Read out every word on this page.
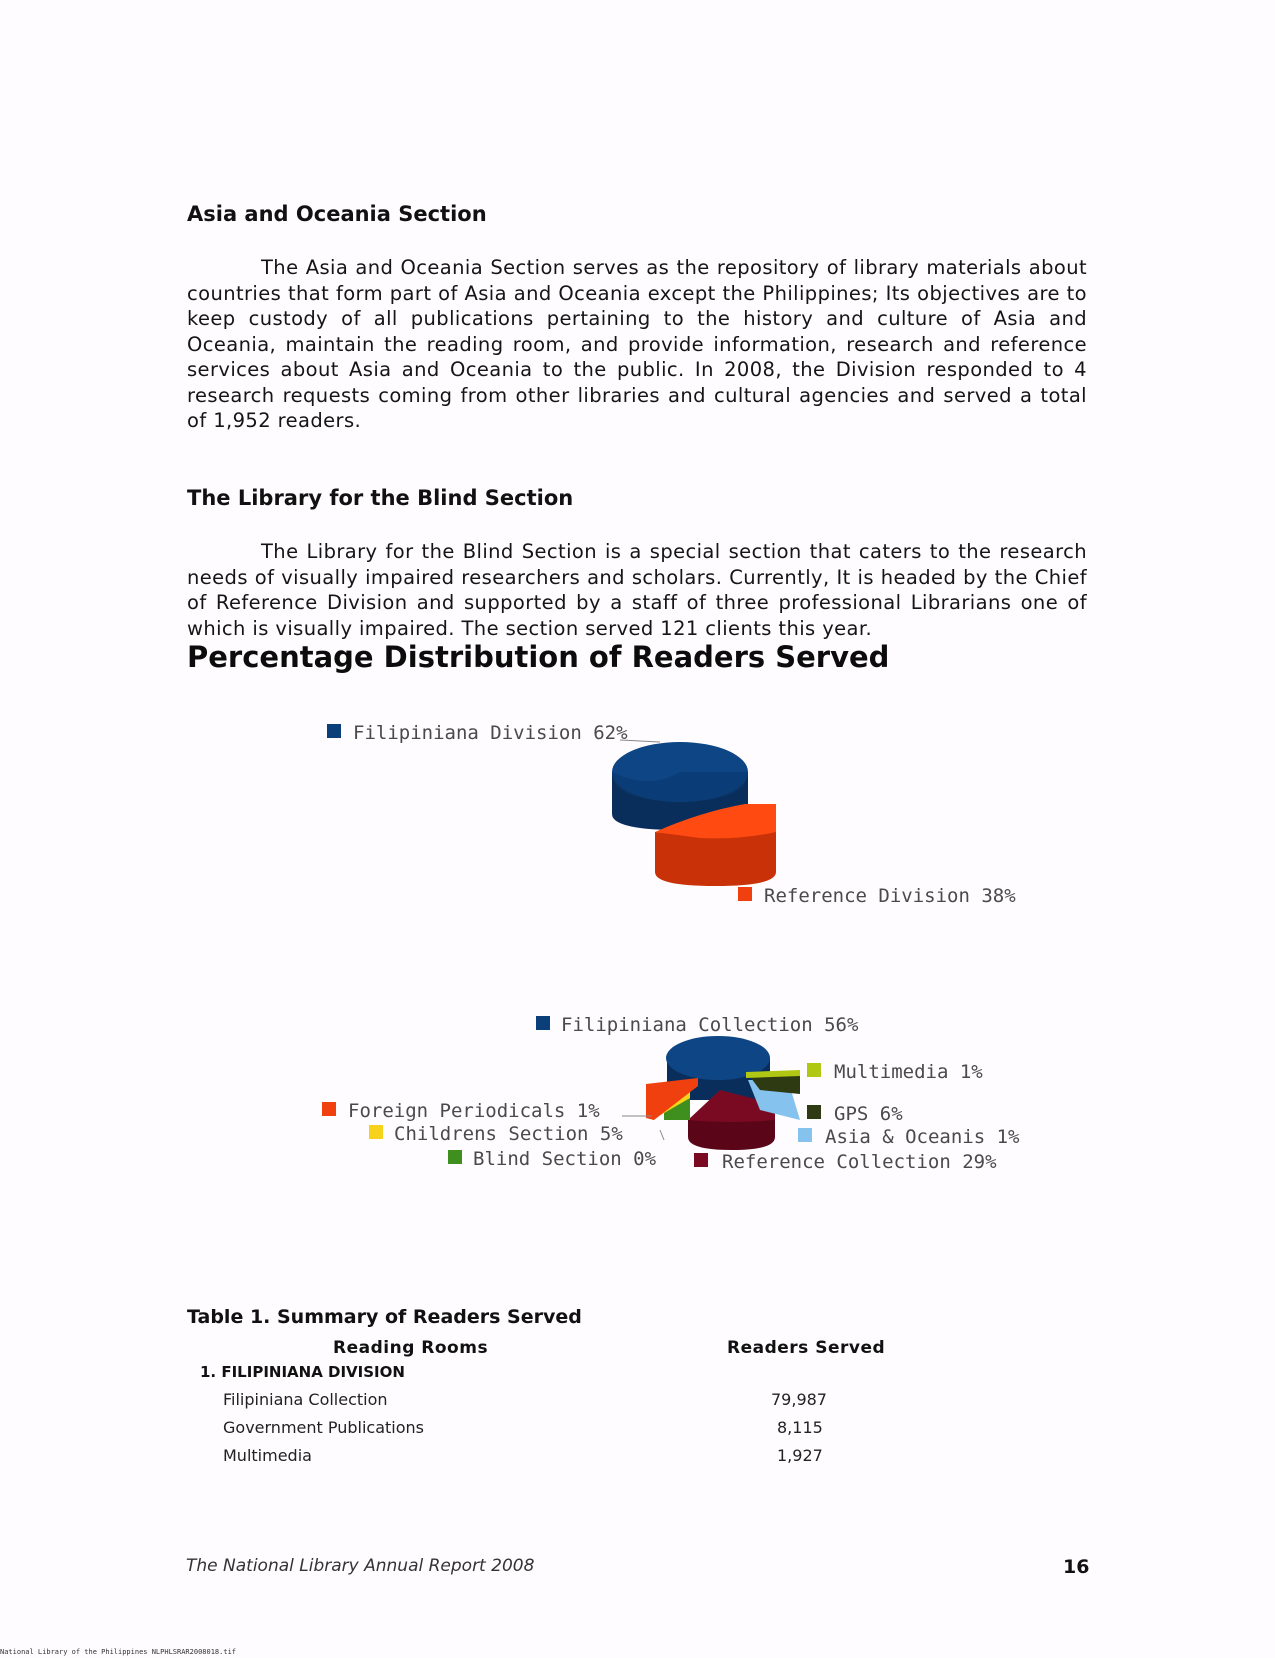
Asia and Oceania Section

The Asia and Oceania Section serves as the repository of library materials about countries that form part of Asia and Oceania except the Philippines; Its objectives are to keep custody of all publications pertaining to the history and culture of Asia and Oceania, maintain the reading room, and provide information, research and reference services about Asia and Oceania to the public. In 2008, the Division responded to 4 research requests coming from other libraries and cultural agencies and served a total of 1,952 readers.

The Library for the Blind Section

The Library for the Blind Section is a special section that caters to the research needs of visually impaired researchers and scholars. Currently, It is headed by the Chief of Reference Division and supported by a staff of three professional Librarians one of which is visually impaired. The section served 121 clients this year.

Percentage Distribution of Readers Served
Filipiniana Division 62%
Reference Division 38%
Filipiniana Collection 56%
Multimedia 1%
GPS 6%
Asia & Oceanis 1%
Reference Collection 29%
Blind Section 0%
Childrens Section 5%
Foreign Periodicals 1%
Table 1. Summary of Readers Served
Reading Rooms	Readers Served
1. FILIPINIANA DIVISION
Filipiniana Collection	79,987
Government Publications	8,115
Multimedia	1,927
The National Library Annual Report 2008	16
National Library of the Philippines NLPHLSRAR2008018.tif
